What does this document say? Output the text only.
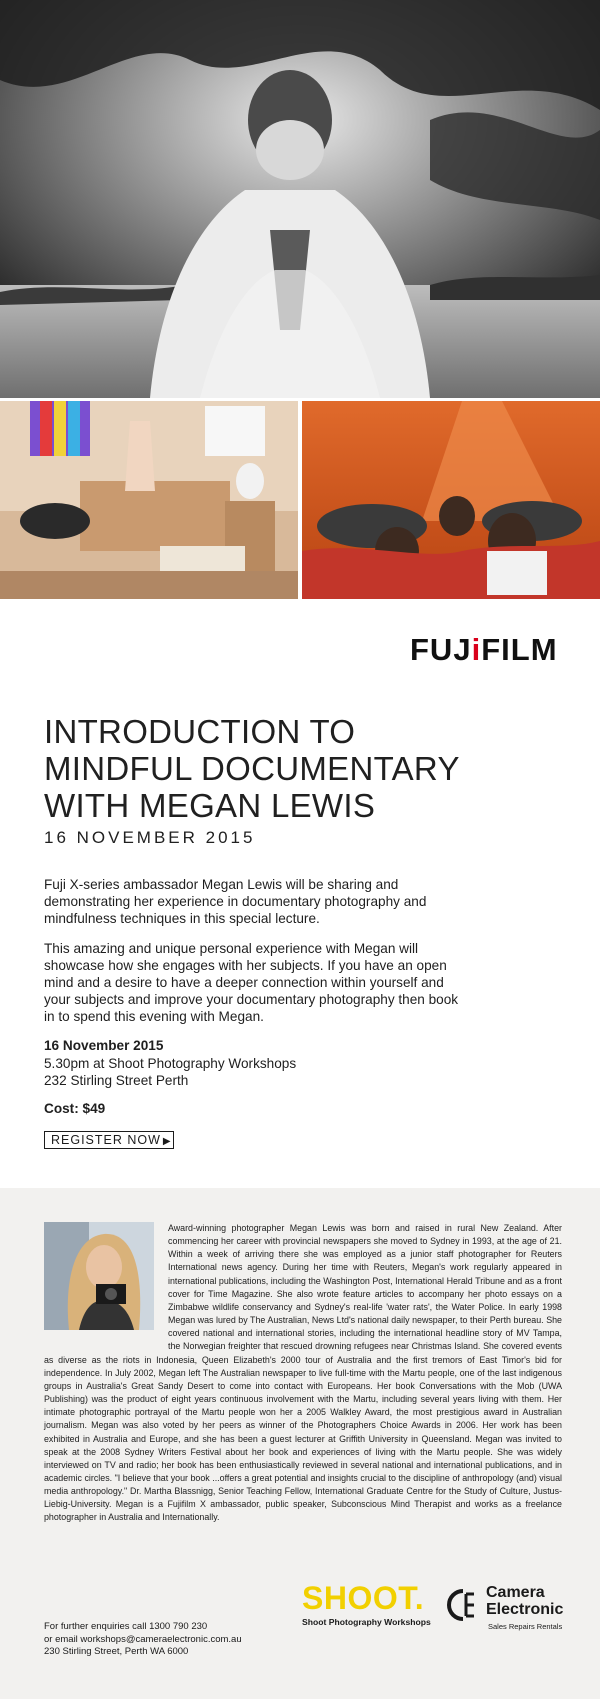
FUJiFILM
INTRODUCTION TO
MINDFUL DOCUMENTARY
WITH MEGAN LEWIS
16 NOVEMBER 2015

Fuji X-series ambassador Megan Lewis will be sharing and demonstrating her experience in documentary photography and mindfulness techniques in this special lecture.

This amazing and unique personal experience with Megan will showcase how she engages with her subjects. If you have an open mind and a desire to have a deeper connection within yourself and your subjects and improve your documentary photography then book in to spend this evening with Megan.

16 November 2015
5.30pm at Shoot Photography Workshops
232 Stirling Street Perth
Cost: $49
REGISTER NOW ▶

Award-winning photographer Megan Lewis was born and raised in rural New Zealand. After commencing her career with provincial newspapers she moved to Sydney in 1993, at the age of 21. Within a week of arriving there she was employed as a junior staff photographer for Reuters International news agency. During her time with Reuters, Megan's work regularly appeared in international publications, including the Washington Post, International Herald Tribune and as a front cover for Time Magazine. She also wrote feature articles to accompany her photo essays on a Zimbabwe wildlife conservancy and Sydney's real-life 'water rats', the Water Police. In early 1998 Megan was lured by The Australian, News Ltd's national daily newspaper, to their Perth bureau. She covered national and international stories, including the international headline story of MV Tampa, the Norwegian freighter that rescued drowning refugees near Christmas Island. She covered events as diverse as the riots in Indonesia, Queen Elizabeth's 2000 tour of Australia and the first tremors of East Timor's bid for independence. In July 2002, Megan left The Australian newspaper to live full-time with the Martu people, one of the last indigenous groups in Australia's Great Sandy Desert to come into contact with Europeans. Her book Conversations with the Mob (UWA Publishing) was the product of eight years continuous involvement with the Martu, including several years living with them. Her intimate photographic portrayal of the Martu people won her a 2005 Walkley Award, the most prestigious award in Australian journalism. Megan was also voted by her peers as winner of the Photographers Choice Awards in 2006. Her work has been exhibited in Australia and Europe, and she has been a guest lecturer at Griffith University in Queensland. Megan was invited to speak at the 2008 Sydney Writers Festival about her book and experiences of living with the Martu people. She was widely interviewed on TV and radio; her book has been enthusiastically reviewed in several national and international publications, and in academic circles. "I believe that your book ...offers a great potential and insights crucial to the discipline of anthropology (and) visual media anthropology." Dr. Martha Blassnigg, Senior Teaching Fellow, International Graduate Centre for the Study of Culture, Justus-Liebig-University. Megan is a Fujifilm X ambassador, public speaker, Subconscious Mind Therapist and works as a freelance photographer in Australia and Internationally.

For further enquiries call 1300 790 230
or email workshops@cameraelectronic.com.au
230 Stirling Street, Perth WA 6000
SHOOT.
Shoot Photography Workshops
Camera
Electronic
Sales Repairs Rentals
